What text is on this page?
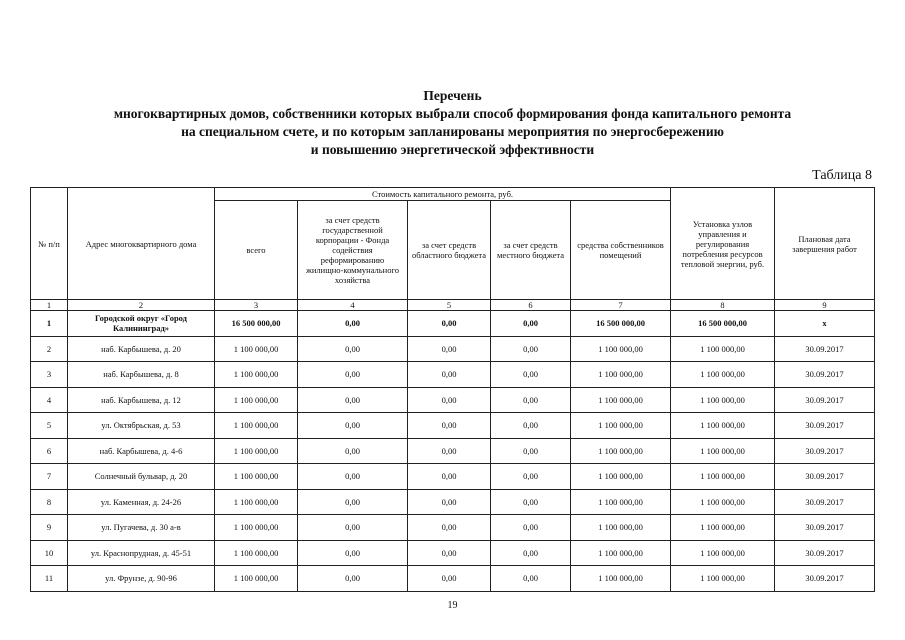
Перечень
многоквартирных домов, собственники которых выбрали способ формирования фонда капитального ремонта
на специальном счете, и по которым запланированы мероприятия по энергосбережению
и повышению энергетической эффективности
Таблица 8
№ п/п	Адрес многоквартирного дома	Стоимость капитального ремонта, руб.					Установка узлов управления и регулирования потребления ресурсов тепловой энергии, руб.	Плановая дата завершения работ
		всего	за счет средств государственной корпорации - Фонда содействия реформированию жилищно-коммунального хозяйства	за счет средств областного бюджета	за счет средств местного бюджета	средства собственников помещений		
1	2	3	4	5	6	7	8	9
1	Городской округ «Город Калининград»	16 500 000,00	0,00	0,00	0,00	16 500 000,00	16 500 000,00	х
2	наб. Карбышева, д. 20	1 100 000,00	0,00	0,00	0,00	1 100 000,00	1 100 000,00	30.09.2017
3	наб. Карбышева, д. 8	1 100 000,00	0,00	0,00	0,00	1 100 000,00	1 100 000,00	30.09.2017
4	наб. Карбышева, д. 12	1 100 000,00	0,00	0,00	0,00	1 100 000,00	1 100 000,00	30.09.2017
5	ул. Октябрьская, д. 53	1 100 000,00	0,00	0,00	0,00	1 100 000,00	1 100 000,00	30.09.2017
6	наб. Карбышева, д. 4-6	1 100 000,00	0,00	0,00	0,00	1 100 000,00	1 100 000,00	30.09.2017
7	Солнечный бульвар, д. 20	1 100 000,00	0,00	0,00	0,00	1 100 000,00	1 100 000,00	30.09.2017
8	ул. Каменная, д. 24-26	1 100 000,00	0,00	0,00	0,00	1 100 000,00	1 100 000,00	30.09.2017
9	ул. Пугачева, д. 30 а-в	1 100 000,00	0,00	0,00	0,00	1 100 000,00	1 100 000,00	30.09.2017
10	ул. Краснопрудная, д. 45-51	1 100 000,00	0,00	0,00	0,00	1 100 000,00	1 100 000,00	30.09.2017
11	ул. Фрунзе, д. 90-96	1 100 000,00	0,00	0,00	0,00	1 100 000,00	1 100 000,00	30.09.2017
19
